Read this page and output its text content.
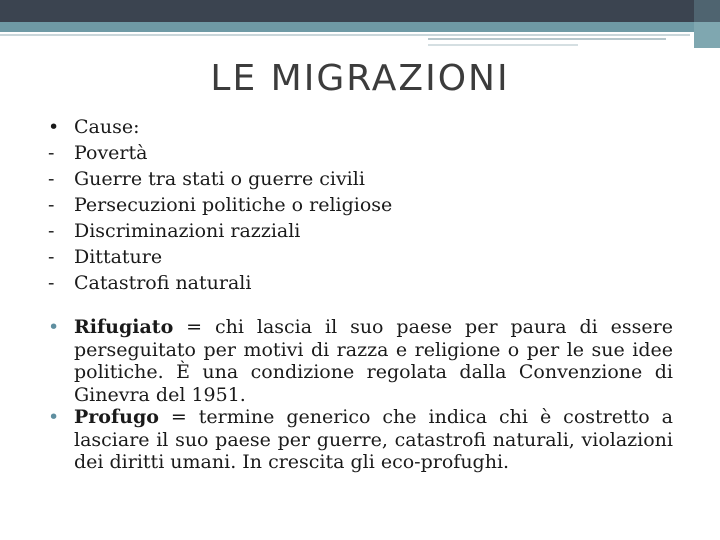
LE MIGRAZIONI
• Cause:
-	Povertà
-	Guerre tra stati o guerre civili
-	Persecuzioni politiche o religiose
-	Discriminazioni razziali
-	Dittature
-	Catastrofi naturali
• Rifugiato = chi lascia il suo paese per paura di essere perseguitato per motivi di razza e religione o per le sue idee politiche. È una condizione regolata dalla Convenzione di Ginevra del 1951.
• Profugo = termine generico che indica chi è costretto a lasciare il suo paese per guerre, catastrofi naturali, violazioni dei diritti umani. In crescita gli eco-profughi.
